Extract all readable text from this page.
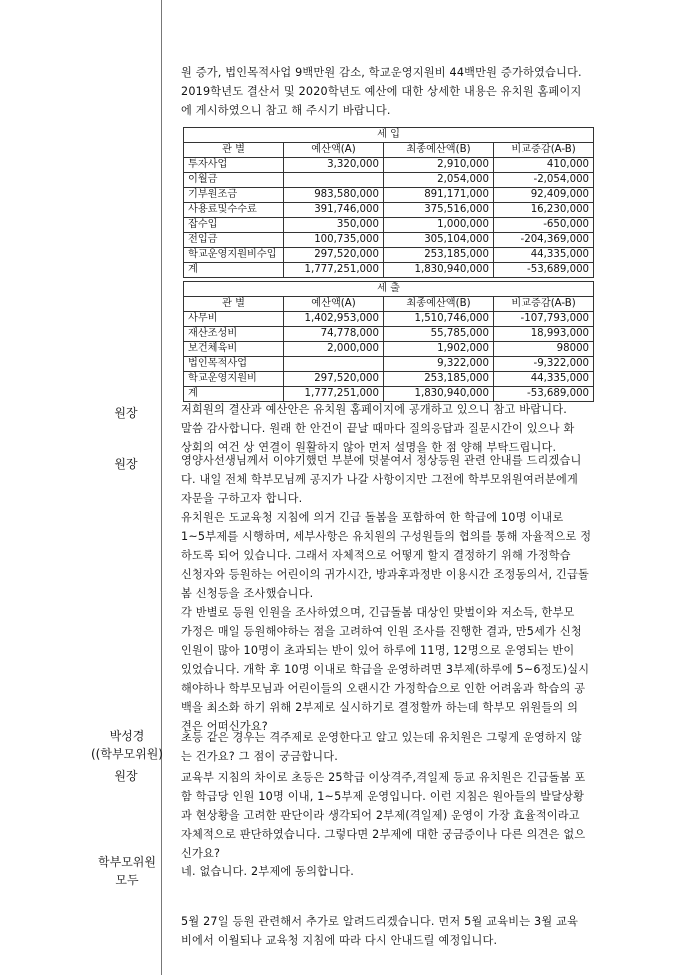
원 증가, 법인목적사업 9백만원 감소, 학교운영지원비 44백만원 증가하였습니다.
2019학년도 결산서 및 2020학년도 예산에 대한 상세한 내용은 유치원 홈페이지
에 게시하였으니 참고 해 주시기 바랍니다.
세 입			
관 별	예산액(A)	최종예산액(B)	비교증감(A-B)
투자사업	3,320,000	2,910,000	410,000
이월금		2,054,000	-2,054,000
기부원조금	983,580,000	891,171,000	92,409,000
사용료및수수료	391,746,000	375,516,000	16,230,000
잡수입	350,000	1,000,000	-650,000
전입금	100,735,000	305,104,000	-204,369,000
학교운영지원비수입	297,520,000	253,185,000	44,335,000
계	1,777,251,000	1,830,940,000	-53,689,000
세 출			
관 별	예산액(A)	최종예산액(B)	비교증감(A-B)
사무비	1,402,953,000	1,510,746,000	-107,793,000
재산조성비	74,778,000	55,785,000	18,993,000
보건체육비	2,000,000	1,902,000	98000
법인목적사업		9,322,000	-9,322,000
학교운영지원비	297,520,000	253,185,000	44,335,000
계	1,777,251,000	1,830,940,000	-53,689,000
원장	저희원의 결산과 예산안은 유치원 홈페이지에 공개하고 있으니 참고 바랍니다.
말씀 감사합니다. 원래 한 안건이 끝날 때마다 질의응답과 질문시간이 있으나 화
상회의 여건 상 연결이 원활하지 않아 먼저 설명을 한 점 양해 부탁드립니다.
원장	영양사선생님께서 이야기했던 부분에 덧붙여서 정상등원 관련 안내를 드리겠습니
다. 내일 전체 학부모님께 공지가 나갈 사항이지만 그전에 학부모위원여러분에게
자문을 구하고자 합니다.
유치원은 도교육청 지침에 의거 긴급 돌봄을 포함하여 한 학급에 10명 이내로
1~5부제를 시행하며, 세부사항은 유치원의 구성원들의 협의를 통해 자율적으로 정
하도록 되어 있습니다. 그래서 자체적으로 어떻게 할지 결정하기 위해 가정학습
신청자와 등원하는 어린이의 귀가시간, 방과후과정반 이용시간 조정동의서, 긴급돌
봄 신청등을 조사했습니다.
각 반별로 등원 인원을 조사하였으며, 긴급돌봄 대상인 맞벌이와 저소득, 한부모
가정은 매일 등원해야하는 점을 고려하여 인원 조사를 진행한 결과, 만5세가 신청
인원이 많아 10명이 초과되는 반이 있어 하루에 11명, 12명으로 운영되는 반이
있었습니다. 개학 후 10명 이내로 학급을 운영하려면 3부제(하루에 5~6정도)실시
해야하나 학부모님과 어린이들의 오랜시간 가정학습으로 인한 어려움과 학습의 공
백을 최소화 하기 위해 2부제로 실시하기로 결정할까 하는데 학부모 위원들의 의
견은 어떠신가요?
박성경
((학부모위원)
초등 같은 경우는 격주제로 운영한다고 알고 있는데 유치원은 그렇게 운영하지 않
는 건가요? 그 점이 궁금합니다.
원장	교육부 지침의 차이로 초등은 25학급 이상격주,격일제 등교 유치원은 긴급돌봄 포
함 학급당 인원 10명 이내, 1~5부제 운영입니다. 이런 지침은 원아들의 발달상황
과 현상황을 고려한 판단이라 생각되어 2부제(격일제) 운영이 가장 효율적이라고
자체적으로 판단하였습니다. 그렇다면 2부제에 대한 궁금증이나 다른 의견은 없으
신가요?
학부모위원
모두
네. 없습니다. 2부제에 동의합니다.
5월 27일 등원 관련해서 추가로 알려드리겠습니다. 먼저 5월 교육비는 3월 교육
비에서 이월되나 교육청 지침에 따라 다시 안내드릴 예정입니다.
